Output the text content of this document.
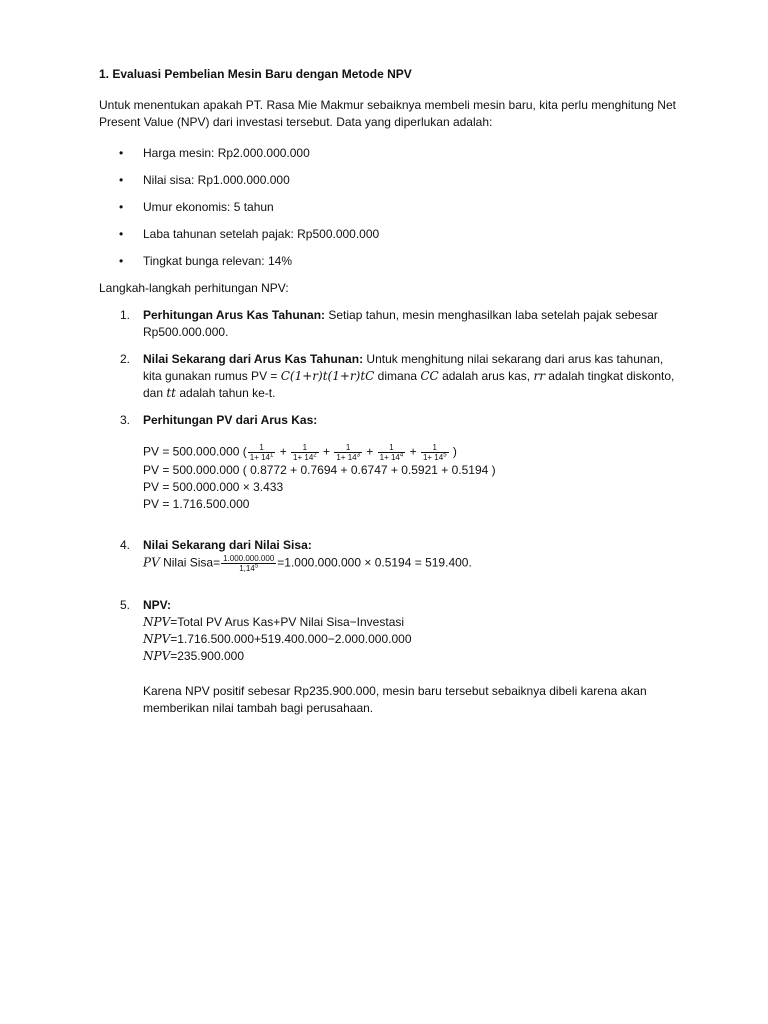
1. Evaluasi Pembelian Mesin Baru dengan Metode NPV

Untuk menentukan apakah PT. Rasa Mie Makmur sebaiknya membeli mesin baru, kita perlu menghitung Net Present Value (NPV) dari investasi tersebut. Data yang diperlukan adalah:

• Harga mesin: Rp2.000.000.000
• Nilai sisa: Rp1.000.000.000
• Umur ekonomis: 5 tahun
• Laba tahunan setelah pajak: Rp500.000.000
• Tingkat bunga relevan: 14%

Langkah-langkah perhitungan NPV:

1. Perhitungan Arus Kas Tahunan: Setiap tahun, mesin menghasilkan laba setelah pajak sebesar Rp500.000.000.
2. Nilai Sekarang dari Arus Kas Tahunan: Untuk menghitung nilai sekarang dari arus kas tahunan, kita gunakan rumus PV = C(1+r)t(1+r)tC dimana CC adalah arus kas, rr adalah tingkat diskonto, dan tt adalah tahun ke-t.
3. Perhitungan PV dari Arus Kas:
PV = 500.000.000 ( $\frac{1}{1+ 14^1} + \frac{1}{1+ 14^2} + \frac{1}{1+ 14^3} + \frac{1}{1+ 14^4} + \frac{1}{1+ 14^5}$ )
PV = 500.000.000 ( 0.8772 + 0.7694 + 0.6747 + 0.5921 + 0.5194 )
PV = 500.000.000 × 3.433
PV = 1.716.500.000
4. Nilai Sekarang dari Nilai Sisa:
PV Nilai Sisa= $\frac{1.000.000.000}{1,14^5} =1.000.000.000 \times 0.5194 = 519.400$.
5. NPV:
NPV=Total PV Arus Kas+PV Nilai Sisa−Investasi
NPV=1.716.500.000+519.400.000−2.000.000.000
NPV=235.900.000

Karena NPV positif sebesar Rp235.900.000, mesin baru tersebut sebaiknya dibeli karena akan memberikan nilai tambah bagi perusahaan.
